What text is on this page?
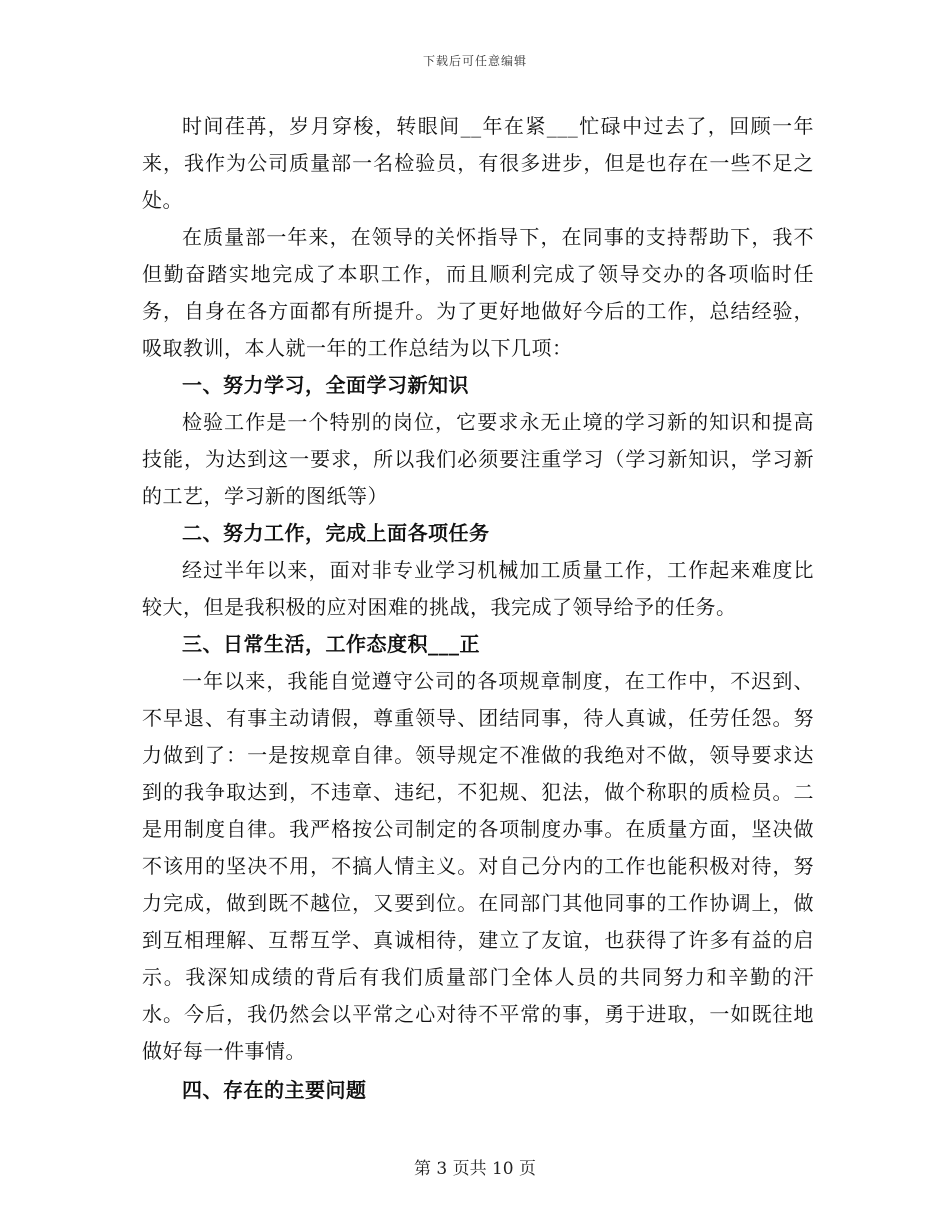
下载后可任意编辑

时间荏苒，岁月穿梭，转眼间__年在紧___忙碌中过去了，回顾一年来，我作为公司质量部一名检验员，有很多进步，但是也存在一些不足之处。

在质量部一年来，在领导的关怀指导下，在同事的支持帮助下，我不但勤奋踏实地完成了本职工作，而且顺利完成了领导交办的各项临时任务，自身在各方面都有所提升。为了更好地做好今后的工作，总结经验，吸取教训，本人就一年的工作总结为以下几项：

一、努力学习，全面学习新知识

检验工作是一个特别的岗位，它要求永无止境的学习新的知识和提高技能，为达到这一要求，所以我们必须要注重学习（学习新知识，学习新的工艺，学习新的图纸等）

二、努力工作，完成上面各项任务

经过半年以来，面对非专业学习机械加工质量工作，工作起来难度比较大，但是我积极的应对困难的挑战，我完成了领导给予的任务。

三、日常生活，工作态度积___正

一年以来，我能自觉遵守公司的各项规章制度，在工作中，不迟到、不早退、有事主动请假，尊重领导、团结同事，待人真诚，任劳任怨。努力做到了：一是按规章自律。领导规定不准做的我绝对不做，领导要求达到的我争取达到，不违章、违纪，不犯规、犯法，做个称职的质检员。二是用制度自律。我严格按公司制定的各项制度办事。在质量方面，坚决做不该用的坚决不用，不搞人情主义。对自己分内的工作也能积极对待，努力完成，做到既不越位，又要到位。在同部门其他同事的工作协调上，做到互相理解、互帮互学、真诚相待，建立了友谊，也获得了许多有益的启示。我深知成绩的背后有我们质量部门全体人员的共同努力和辛勤的汗水。今后，我仍然会以平常之心对待不平常的事，勇于进取，一如既往地做好每一件事情。

四、存在的主要问题

第 3 页共 10 页
